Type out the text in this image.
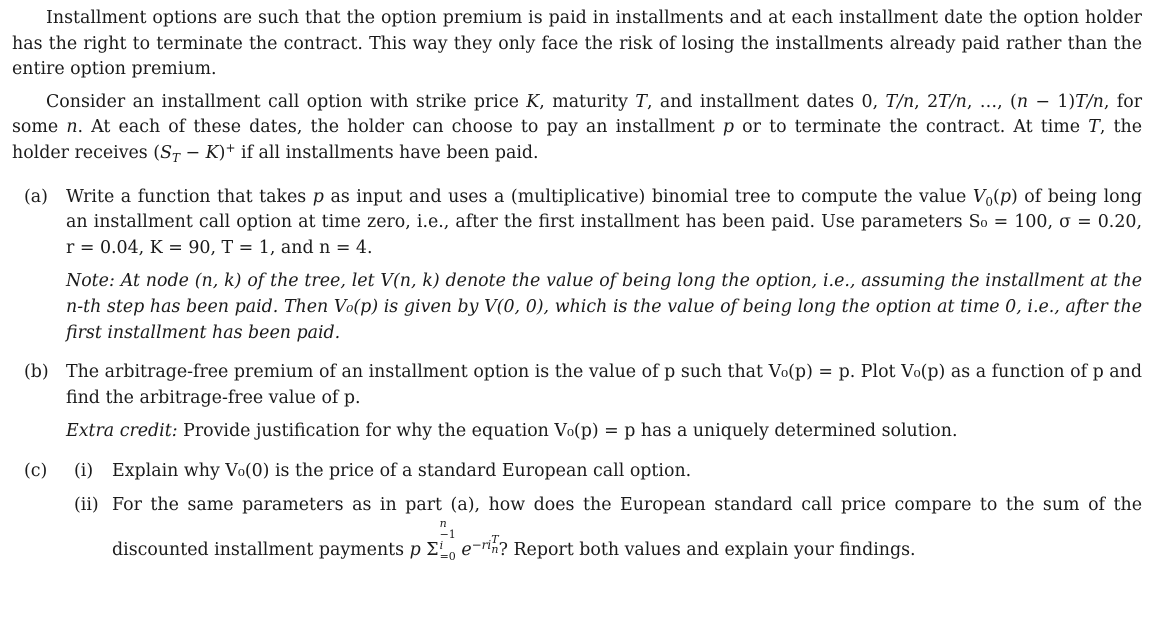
Installment options are such that the option premium is paid in installments and at each installment date the option holder has the right to terminate the contract. This way they only face the risk of losing the installments already paid rather than the entire option premium.

Consider an installment call option with strike price K, maturity T, and installment dates 0, T/n, 2T/n, …, (n − 1)T/n, for some n. At each of these dates, the holder can choose to pay an installment p or to terminate the contract. At time T, the holder receives $(S_T - K)^+$ if all installments have been paid.

(a) Write a function that takes p as input and uses a (multiplicative) binomial tree to compute the value $V_0(p)$ of being long an installment call option at time zero, i.e., after the first installment has been paid. Use parameters S₀ = 100, σ = 0.20, r = 0.04, K = 90, T = 1, and n = 4.

Note: At node (n, k) of the tree, let V(n, k) denote the value of being long the option, i.e., assuming the installment at the n-th step has been paid. Then V₀(p) is given by V(0, 0), which is the value of being long the option at time 0, i.e., after the first installment has been paid.

(b) The arbitrage-free premium of an installment option is the value of p such that V₀(p) = p. Plot V₀(p) as a function of p and find the arbitrage-free value of p.

Extra credit: Provide justification for why the equation V₀(p) = p has a uniquely determined solution.

(c) (i) Explain why V₀(0) is the price of a standard European call option.

(ii) For the same parameters as in part (a), how does the European standard call price compare to the sum of the discounted installment payments p Σ
n
−1
i
=0 $e^{-ri T n}$ ? Report both values and explain your findings.
